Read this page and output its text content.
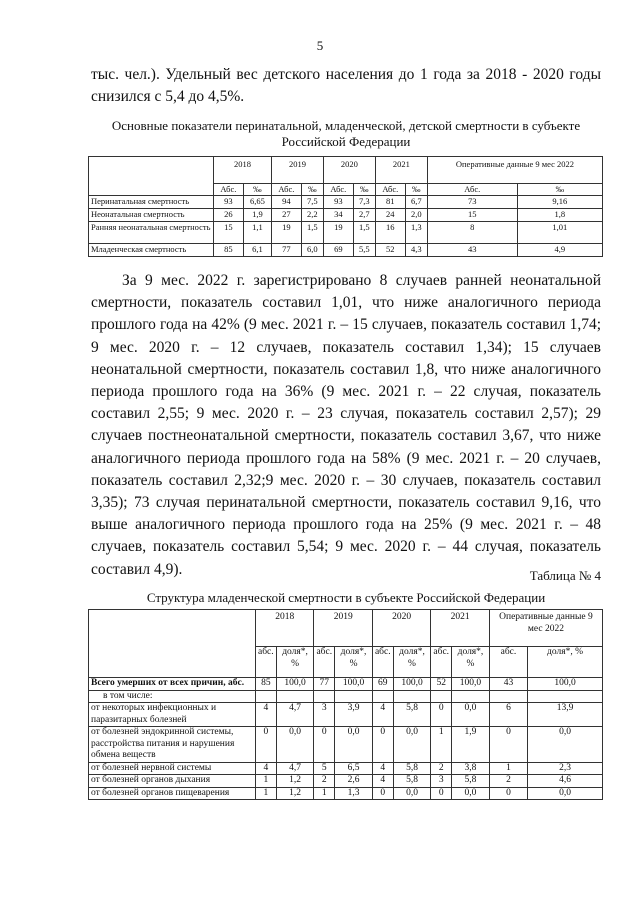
5
тыс. чел.). Удельный вес детского населения до 1 года за 2018 - 2020 годы снизился с 5,4 до 4,5%.
Основные показатели перинатальной, младенческой, детской смертности в субъекте
Российской Федерации
	2018		2019		2020		2021		Оперативные данные 9 мес 2022	
	Абс.	‰	Абс.	‰	Абс.	‰	Абс.	‰	Абс.	‰
Перинатальная смертность	93	6,65	94	7,5	93	7,3	81	6,7	73	9,16
Неонатальная смертность	26	1,9	27	2,2	34	2,7	24	2,0	15	1,8
Ранняя неонатальная смертность	15	1,1	19	1,5	19	1,5	16	1,3	8	1,01
Младенческая смертность	85	6,1	77	6,0	69	5,5	52	4,3	43	4,9
За 9 мес. 2022 г. зарегистрировано 8 случаев ранней неонатальной смертности, показатель составил 1,01, что ниже аналогичного периода прошлого года на 42% (9 мес. 2021 г. – 15 случаев, показатель составил 1,74; 9 мес. 2020 г. – 12 случаев, показатель составил 1,34); 15 случаев неонатальной смертности, показатель составил 1,8, что ниже аналогичного периода прошлого года на 36% (9 мес. 2021 г. – 22 случая, показатель составил 2,55; 9 мес. 2020 г. – 23 случая, показатель составил 2,57); 29 случаев постнеонатальной смертности, показатель составил 3,67, что ниже аналогичного периода прошлого года на 58% (9 мес. 2021 г. – 20 случаев, показатель составил 2,32;9 мес. 2020 г. – 30 случаев, показатель составил 3,35); 73 случая перинатальной смертности, показатель составил 9,16, что выше аналогичного периода прошлого года на 25% (9 мес. 2021 г. – 48 случаев, показатель составил 5,54; 9 мес. 2020 г. – 44 случая, показатель составил 4,9).	Таблица № 4
Структура младенческой смертности в субъекте Российской Федерации
	2018		2019		2020		2021		Оперативные данные 9 мес 2022	
	абс.	доля*, %	абс.	доля*, %	абс.	доля*, %	абс.	доля*, %	абс.	доля*, %
Всего умерших от всех причин, абс.	85	100,0	77	100,0	69	100,0	52	100,0	43	100,0
в том числе:										
от некоторых инфекционных и паразитарных болезней	4	4,7	3	3,9	4	5,8	0	0,0	6	13,9
от болезней эндокринной системы, расстройства питания и нарушения обмена веществ	0	0,0	0	0,0	0	0,0	1	1,9	0	0,0
от болезней нервной системы	4	4,7	5	6,5	4	5,8	2	3,8	1	2,3
от болезней органов дыхания	1	1,2	2	2,6	4	5,8	3	5,8	2	4,6
от болезней органов пищеварения	1	1,2	1	1,3	0	0,0	0	0,0	0	0,0
